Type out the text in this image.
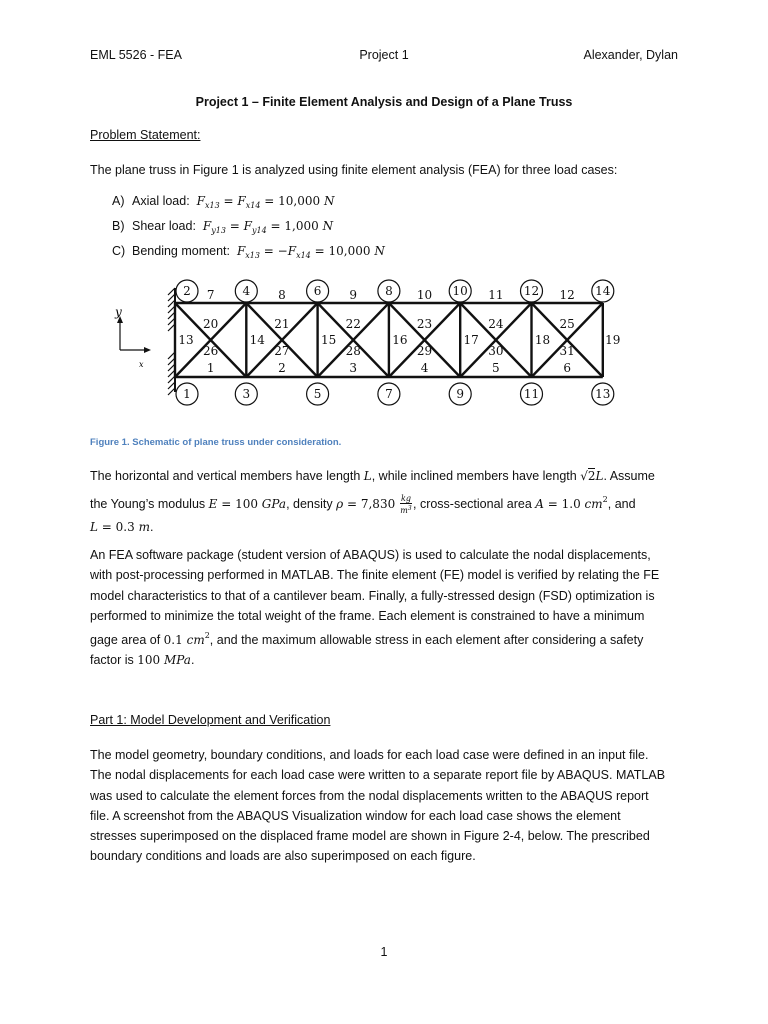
EML 5526 - FEA	Project 1	Alexander, Dylan
Project 1 – Finite Element Analysis and Design of a Plane Truss
Problem Statement:
The plane truss in Figure 1 is analyzed using finite element analysis (FEA) for three load cases:
A) Axial load:
$F_{x13} = F_{x14} = 10,000$ N
B) Shear load:
$F_{y13} = F_{y14} = 1,000$ N
C) Bending moment:
$F_{x13} = -F_{x14} = 10,000$ N
7	8	9	10	11	12
1	2	3	4	5	6
13	14	15	16	17	18	19
20	21	22	23	24	25
26	27	28	29	30	31
2	4	6	8	10	12	14
1	3	5	7	9	11	13
y
x
Figure 1. Schematic of plane truss under consideration.
The horizontal and vertical members have length L, while inclined members have length √2L. Assume
the Young’s modulus E = 100 GPa, density $\rho = 7,830 \frac{kg}{m^3}$ , cross-sectional area A = 1.0 $cm^2$, and
L = 0.3 m.
An FEA software package (student version of ABAQUS) is used to calculate the nodal displacements,
with post-processing performed in MATLAB. The finite element (FE) model is verified by relating the FE
model characteristics to that of a cantilever beam. Finally, a fully-stressed design (FSD) optimization is
performed to minimize the total weight of the frame. Each element is constrained to have a minimum
gage area of 0.1 $cm^2$, and the maximum allowable stress in each element after considering a safety
factor is 100 MPa.
Part 1: Model Development and Verification
The model geometry, boundary conditions, and loads for each load case were defined in an input file.
The nodal displacements for each load case were written to a separate report file by ABAQUS. MATLAB
was used to calculate the element forces from the nodal displacements written to the ABAQUS report
file. A screenshot from the ABAQUS Visualization window for each load case shows the element
stresses superimposed on the displaced frame model are shown in Figure 2-4, below. The prescribed
boundary conditions and loads are also superimposed on each figure.
1
